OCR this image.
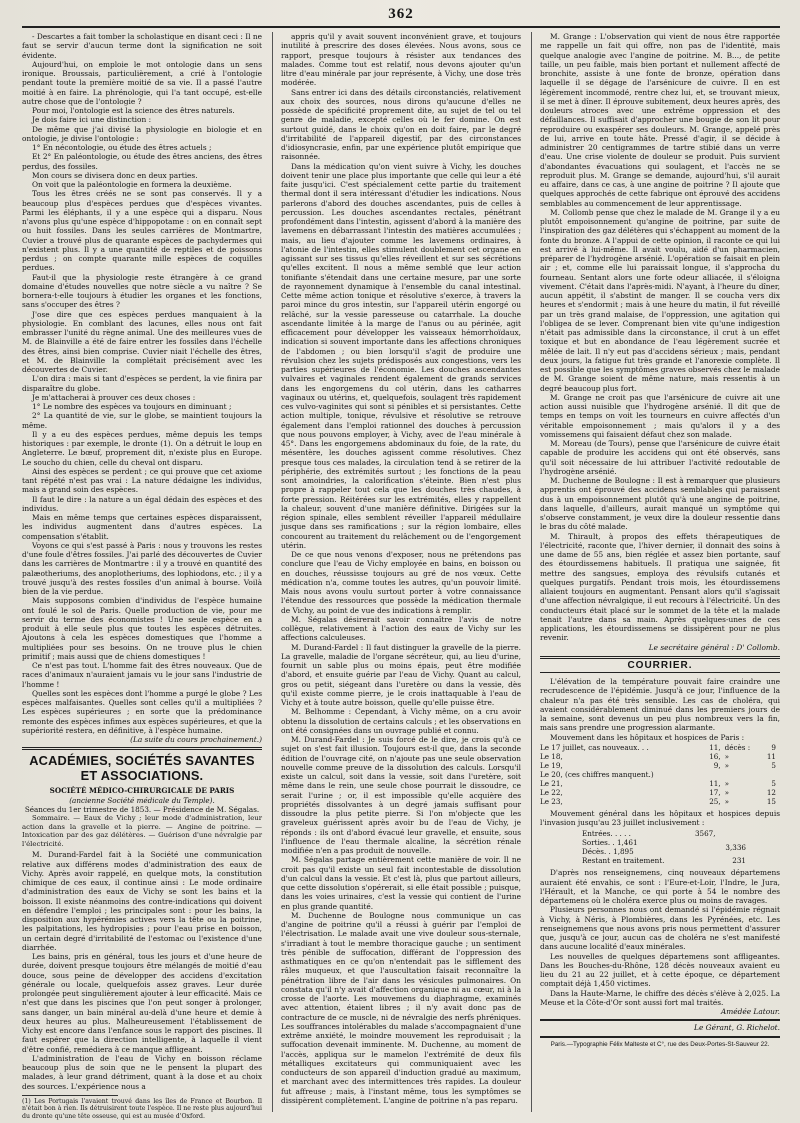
362

- Descartes a fait tomber la scholastique en disant ceci : Il ne faut se servir d'aucun terme dont la signification ne soit évidente.

Aujourd'hui, on emploie le mot ontologie dans un sens ironique. Broussais, particulièrement, a crié à l'ontologie pendant toute la première moitié de sa vie. Il a passé l'autre moitié à en faire. La phrénologie, qui l'a tant occupé, est-elle autre chose que de l'ontologie ?

Pour moi, l'ontologie est la science des êtres naturels.

Je dois faire ici une distinction :

De même que j'ai divisé la physiologie en biologie et en ontologie, je divise l'ontologie :

1° En nécontologie, ou étude des êtres actuels ;

Et 2° En paléontologie, ou étude des êtres anciens, des êtres perdus, des fossiles.

Mon cours se divisera donc en deux parties.

On voit que la paléontologie en formera la deuxième.

Tous les êtres créés ne se sont pas conservés. Il y a beaucoup plus d'espèces perdues que d'espèces vivantes. Parmi les éléphants, il y a une espèce qui a disparu. Nous n'avons plus qu'une espèce d'hippopotame : on en connaît sept ou huit fossiles. Dans les seules carrières de Montmartre, Cuvier a trouvé plus de quarante espèces de pachydermes qui n'existent plus. Il y a une quantité de reptiles et de poissons perdus ; on compte quarante mille espèces de coquilles perdues.

Faut-il que la physiologie reste étrangère à ce grand domaine d'études nouvelles que notre siècle a vu naître ? Se bornera-t-elle toujours à étudier les organes et les fonctions, sans s'occuper des êtres ?

J'ose dire que ces espèces perdues manquaient à la physiologie. En comblant des lacunes, elles nous ont fait embrasser l'unité du règne animal. Une des meilleures vues de M. de Blainville a été de faire entrer les fossiles dans l'échelle des êtres, ainsi bien comprise. Cuvier niait l'échelle des êtres, et M. de Blainville la complétait précisément avec les découvertes de Cuvier.

L'on dira : mais si tant d'espèces se perdent, la vie finira par disparaître du globe.

Je m'attacherai à prouver ces deux choses :

1° Le nombre des espèces va toujours en diminuant ;

2° La quantité de vie, sur le globe, se maintient toujours la même.

Il y a eu des espèces perdues, même depuis les temps historiques : par exemple, le dronte (1). On a détruit le loup en Angleterre. Le bœuf, proprement dit, n'existe plus en Europe. Le soucho du chien, celle du cheval ont disparu.

Ainsi des espèces se perdent ; ce qui prouve que cet axiome tant répété n'est pas vrai : La nature dédaigne les individus, mais a grand soin des espèces.

Il faut le dire : la nature a un égal dédain des espèces et des individus.

Mais en même temps que certaines espèces disparaissent, les individus augmentent dans d'autres espèces. La compensation s'établit.

Voyons ce qui s'est passé à Paris : nous y trouvons les restes d'une foule d'êtres fossiles. J'ai parlé des découvertes de Cuvier dans les carrières de Montmartre : il y a trouvé en quantité des palæotheriums, des anoplotheriums, des lophiodons, etc. ; il y a trouvé jusqu'à des restes fossiles d'un animal à bourse. Voilà bien de la vie perdue.

Mais supposons combien d'individus de l'espèce humaine ont foulé le sol de Paris. Quelle production de vie, pour me servir du terme des économistes ! Une seule espèce en a produit à elle seule plus que toutes les espèces détruites. Ajoutons à cela les espèces domestiques que l'homme a multipliées pour ses besoins. On ne trouve plus le chien primitif ; mais aussi que de chiens domestiques !

Ce n'est pas tout. L'homme fait des êtres nouveaux. Que de races d'animaux n'auraient jamais vu le jour sans l'industrie de l'homme !

Quelles sont les espèces dont l'homme a purgé le globe ? Les espèces malfaisantes. Quelles sont celles qu'il a multipliées ? Les espèces supérieures ; en sorte que la prédominance remonte des espèces infimes aux espèces supérieures, et que la supériorité restera, en définitive, à l'espèce humaine.

(La suite du cours prochainement.)

ACADÉMIES, SOCIÉTÉS SAVANTES ET ASSOCIATIONS.

SOCIÉTÉ MÉDICO-CHIRURGICALE DE PARIS

(ancienne Société médicale du Temple).

Séances du 1er trimestre de 1853. — Présidence de M. Ségalas.

Sommaire. — Eaux de Vichy ; leur mode d'administration, leur action dans la gravelle et la pierre. — Angine de poitrine. — Intoxication par des gaz délétères. — Guérison d'une névralgie par l'électricité.

M. Durand-Fardel fait à la Société une communication relative aux différens modes d'administration des eaux de Vichy. Après avoir rappelé, en quelque mots, la constitution chimique de ces eaux, il continue ainsi : Le mode ordinaire d'administration des eaux de Vichy se sont les bains et la boisson. Il existe néanmoins des contre-indications qui doivent en défendre l'emploi ; les principales sont : pour les bains, la disposition aux hypérémies actives vers la tête ou la poitrine, les palpitations, les hydropisies ; pour l'eau prise en boisson, un certain degré d'irritabilité de l'estomac ou l'existence d'une diarrhée.

Les bains, pris en général, tous les jours et d'une heure de durée, doivent presque toujours être mélangés de moitié d'eau douce, sous peine de développer des accidens d'excitation générale ou locale, quelquefois assez graves. Leur durée prolongée peut singulièrement ajouter à leur efficacité. Mais ce n'est que dans les piscines que l'on peut songer à prolonger, sans danger, un bain minéral au-delà d'une heure et demie à deux heures au plus. Malheureusement l'établissement de Vichy est encore dans l'enfance sous le rapport des piscines. Il faut espérer que la direction intelligente, à laquelle il vient d'être confié, remédiera à ce manque affligeant.

L'administration de l'eau de Vichy en boisson réclame beaucoup plus de soin que ne le pensent la plupart des malades, à leur grand détriment, quant à la dose et au choix des sources. L'expérience nous a

(1) Les Portugais l'avaient trouvé dans les îles de France et Bourbon. Il n'était bon à rien. Ils détruisirent toute l'espèce. Il ne reste plus aujourd'hui du dronte qu'une tête osseuse, qui est au musée d'Oxford.

appris qu'il y avait souvent inconvénient grave, et toujours inutilité à prescrire des doses élevées. Nous avons, sous ce rapport, presque toujours à résister aux tendances des malades. Comme tout est relatif, nous devons ajouter qu'un litre d'eau minérale par jour représente, à Vichy, une dose très modérée.

Sans entrer ici dans des détails circonstanciés, relativement aux choix des sources, nous dirons qu'aucune d'elles ne possède de spécificité proprement dite, au sujet de tel ou tel genre de maladie, excepté celles où le fer domine. On est surtout guidé, dans le choix qu'on en doit faire, par le degré d'irritabilité de l'appareil digestif, par des circonstances d'idiosyncrasie, enfin, par une expérience plutôt empirique que raisonnée.

Dans la médication qu'on vient suivre à Vichy, les douches doivent tenir une place plus importante que celle qui leur a été faite jusqu'ici. C'est spécialement cette partie du traitement thermal dont il sera intéressant d'étudier les indications. Nous parlerons d'abord des douches ascendantes, puis de celles à percussion. Les douches ascendantes rectales, pénétrant profondément dans l'intestin, agissent d'abord à la manière des lavemens en débarrassant l'intestin des matières accumulées ; mais, au lieu d'ajouter comme les lavemens ordinaires, à l'atonie de l'intestin, elles stimulent doublement cet organe en agissant sur ses tissus qu'elles réveillent et sur ses sécrétions qu'elles excitent. Il nous a même semblé que leur action tonifiante s'étendait dans une certaine mesure, par une sorte de rayonnement dynamique à l'ensemble du canal intestinal. Cette même action tonique et résolutive s'exerce, à travers la paroi mince du gros intestin, sur l'appareil utérin engorgé ou relâché, sur la vessie paresseuse ou catarrhale. La douche ascendante limitée à la marge de l'anus ou au périnée, agit efficacement pour développer les vaisseaux hémorrhoïdaux, indication si souvent importante dans les affections chroniques de l'abdomen ; ou bien lorsqu'il s'agit de produire une révulsion chez les sujets prédisposés aux congestions, vers les parties supérieures de l'économie. Les douches ascendantes vulvaires et vaginales rendent également de grands services dans les engorgemens du col utérin, dans les catharres vaginaux ou utérins, et, quelquefois, soulagent très rapidement ces vulvo-vaginites qui sont si pénibles et si persistantes. Cette action multiple, tonique, révulsive et résolutive se retrouve également dans l'emploi rationnel des douches à percussion que nous pouvons employer, à Vichy, avec de l'eau minérale à 45°. Dans les engorgemens abdominaux du foie, de la rate, du mésentère, les douches agissent comme résolutives. Chez presque tous ces malades, la circulation tend à se retirer de la périphérie, des extrémités surtout ; les fonctions de la peau sont amoindries, la calorification s'éteinte. Bien n'est plus propre à rappeler tout cela que les douches très chaudes, à forte pression. Réitérées sur les extrémités, elles y rappellent la chaleur, souvent d'une manière définitive. Dirigées sur la région spinale, elles semblent réveiller l'appareil médullaire jusque dans ses ramifications ; sur la région lombaire, elles concourent au traitement du relâchement ou de l'engorgement utérin.

De ce que nous venons d'exposer, nous ne prétendons pas conclure que l'eau de Vichy employée en bains, en boisson ou en douches, réussisse toujours au gré de nos vœux. Cette médication n'a, comme toutes les autres, qu'un pouvoir limité. Mais nous avons voulu surtout porter à votre connaissance l'étendue des ressources que possède la médication thermale de Vichy, au point de vue des indications à remplir.

M. Ségalas désirerait savoir connaître l'avis de notre collègue, relativement à l'action des eaux de Vichy sur les affections calculeuses.

M. Durand-Fardel : Il faut distinguer la gravelle de la pierre. La gravelle, maladie de l'organe sécréteur, qui, au lieu d'urine, fournit un sable plus ou moins épais, peut être modifiée d'abord, et ensuite guérie par l'eau de Vichy. Quant au calcul, gros ou petit, siégeant dans l'uretère ou dans la vessie, dès qu'il existe comme pierre, je le crois inattaquable à l'eau de Vichy et à toute autre boisson, quelle qu'elle puisse être.

M. Belhomme : Cependant, à Vichy même, on a cru avoir obtenu la dissolution de certains calculs ; et les observations en ont été consignées dans un ouvrage publié et connu.

M. Durand-Fardel : Je suis forcé de le dire, je crois qu'à ce sujet on s'est fait illusion. Toujours est-il que, dans la seconde édition de l'ouvrage cité, on n'ajoute pas une seule observation nouvelle comme preuve de la dissolution des calculs. Lorsqu'il existe un calcul, soit dans la vessie, soit dans l'uretère, soit même dans le rein, une seule chose pourrait le dissoudre, ce serait l'urine ; or, il est impossible qu'elle acquière des propriétés dissolvantes à un degré jamais suffisant pour dissoudre la plus petite pierre. Si l'on m'objecte que les graveleux guérissent après avoir bu de l'eau de Vichy, je réponds : ils ont d'abord évacué leur gravelle, et ensuite, sous l'influence de l'eau thermale alcaline, la sécrétion rénale modifiée n'en a pas produit de nouvelle.

M. Ségalas partage entièrement cette manière de voir. Il ne croit pas qu'il existe un seul fait incontestable de dissolution d'un calcul dans la vessie. Et c'est là, plus que partout ailleurs, que cette dissolution s'opérerait, si elle était possible ; puisque, dans les voies urinaires, c'est la vessie qui contient de l'urine en plus grande quantité.

M. Duchenne de Boulogne nous communique un cas d'angine de poitrine qu'il a réussi à guérir par l'emploi de l'électrisation. Le malade avait une vive douleur sous-sternale, s'irradiant à tout le membre thoracique gauche ; un sentiment très pénible de suffocation, différant de l'oppression des asthmatiques en ce qu'on n'entendait pas le sifflement des râles muqueux, et que l'auscultation faisait reconnaître la pénétration libre de l'air dans les vésicules pulmonaires. On constata qu'il n'y avait d'affection organique ni au cœur, ni à la crosse de l'aorte. Les mouvemens du diaphragme, examinés avec attention, étaient libres ; il n'y avait donc pas de contracture de ce muscle, ni de névralgie des nerfs phréniques. Les souffrances intolérables du malade s'accompagnaient d'une extrême anxiété, le moindre mouvement les reproduisait ; la suffocation devenait imminente. M. Duchenne, au moment de l'accès, appliqua sur le mamelon l'extrémité de deux fils métalliques excitateurs qui communiquaient avec les conducteurs de son appareil d'induction gradué au maximum, et marchant avec des intermittences très rapides. La douleur fut affreuse ; mais, à l'instant même, tous les symptômes se dissipèrent complètement. L'angine de poitrine n'a pas reparu.

M. Grange : L'observation qui vient de nous être rapportée me rappelle un fait qui offre, non pas de l'identité, mais quelque analogie avec l'angine de poitrine. M. B..., de petite taille, un peu faible, mais bien portant et nullement affecté de bronchite, assiste à une fonte de bronze, opération dans laquelle il se dégage de l'arsénicure de cuivre. Il en est légèrement incommodé, rentre chez lui, et, se trouvant mieux, il se met à dîner. Il éprouve subitement, deux heures après, des douleurs atroces avec une extrême oppression et des défaillances. Il suffisait d'approcher une bougie de son lit pour reproduire ou exaspérer ses douleurs. M. Grange, appelé près de lui, arrive en toute hâte. Pressé d'agir, il se décide à administrer 20 centigrammes de tartre stibié dans un verre d'eau. Une crise violente de douleur se produit. Puis survient d'abondantes évacuations qui soulagent, et l'accès ne se reproduit plus. M. Grange se demande, aujourd'hui, s'il aurait eu affaire, dans ce cas, à une angine de poitrine ? Il ajoute que quelques approchés de cette fabrique ont éprouvé des accidens semblables au commencement de leur apprentissage.

M. Collomb pense que chez le malade de M. Grange il y a eu plutôt empoisonnement qu'angine de poitrine, par suite de l'inspiration des gaz délétères qui s'échappent au moment de la fonte du bronze. A l'appui de cette opinion, il raconte ce qui lui est arrivé à lui-même. Il avait voulu, aidé d'un pharmacien, préparer de l'hydrogène arsénié. L'opération se faisait en plein air ; et, comme elle lui paraissait longue, il s'approcha du fourneau. Sentant alors une forte odeur alliacée, il s'éloigna vivement. C'était dans l'après-midi. N'ayant, à l'heure du dîner, aucun appétit, il s'abstint de manger. Il se coucha vers dix heures et s'endormit ; mais à une heure du matin, il fut réveillé par un très grand malaise, de l'oppression, une agitation qui l'obligea de se lever. Comprenant bien vite qu'une indigestion n'était pas admissible dans la circonstance, il crut à un effet toxique et but en abondance de l'eau légèrement sucrée et mêlée de lait. Il n'y eut pas d'accidens sérieux ; mais, pendant deux jours, la fatigue fut très grande et l'anorexie complète. Il est possible que les symptômes graves observés chez le malade de M. Grange soient de même nature, mais ressentis à un degré beaucoup plus fort.

M. Grange ne croit pas que l'arsénicure de cuivre ait une action aussi nuisible que l'hydrogène arsénié. Il dit que de temps en temps on voit les tourneurs en cuivre affectés d'un véritable empoisonnement ; mais qu'alors il y a des vomissemens qui faisaient défaut chez son malade.

M. Moreau (de Tours), pense que l'arsénicure de cuivre était capable de produire les accidens qui ont été observés, sans qu'il soit nécessaire de lui attribuer l'activité redoutable de l'hydrogène arsénié.

M. Duchenne de Boulogne : Il est à remarquer que plusieurs apprentis ont éprouvé des accidens semblables qui paraissent dus à un empoisonnement plutôt qu'à une angine de poitrine, dans laquelle, d'ailleurs, aurait manqué un symptôme qui s'observe constamment, je veux dire la douleur ressentie dans le bras du côté malade.

M. Thirault, à propos des effets thérapeutiques de l'électricité, raconte que, l'hiver dernier, il donnait des soins à une dame de 55 ans, bien réglée et assez bien portante, sauf des étourdissemens habituels. Il pratiqua une saignée, fit mettre des sangsues, employa des révulsifs cutanés et quelques purgatifs. Pendant trois mois, les étourdissemens allaient toujours en augmentant. Pensant alors qu'il s'agissait d'une affection névralgique, il eut recours à l'électricité. Un des conducteurs était placé sur le sommet de la tête et la malade tenait l'autre dans sa main. Après quelques-unes de ces applications, les étourdissemens se dissipèrent pour ne plus revenir.

Le secrétaire général : D' Collomb.

COURRIER.

L'élévation de la température pouvait faire craindre une recrudescence de l'épidémie. Jusqu'à ce jour, l'influence de la chaleur n'a pas été très sensible. Les cas de choléra, qui avaient considérablement diminué dans les premiers jours de la semaine, sont devenus un peu plus nombreux vers la fin, mais sans prendre une progression alarmante.

Mouvement dans les hôpitaux et hospices de Paris :

Le 17 juillet, cas nouveaux. . .	11,	décès :	9
Le 18,	16,	»	11
Le 19,	9,	»	5
Le 20, (ces chiffres manquent.)			
Le 21,	11,	»	5
Le 22,	17,	»	12
Le 23,	25,	»	15

Mouvement général dans les hôpitaux et hospices depuis l'invasion jusqu'au 23 juillet inclusivement :

Entrées. . . . .	3567,	
Sorties. . 1,461		3,336
Décès. . 1,895		
Restant en traitement.		231

D'après nos renseignemens, cinq nouveaux départemens auraient été envahis, ce sont : l'Eure-et-Loir, l'Indre, le Jura, l'Hérault, et la Manche, ce qui porte à 54 le nombre des départemens où le choléra exerce plus ou moins de ravages.

Plusieurs personnes nous ont demandé si l'épidémie régnait à Vichy, à Néris, à Plombières, dans les Pyrénées, etc. Les renseignemens que nous avons pris nous permettent d'assurer que, jusqu'à ce jour, aucun cas de choléra ne s'est manifesté dans aucune localité d'eaux minérales.

Les nouvelles de quelques départemens sont affligeantes. Dans les Bouches-du-Rhône, 128 décès nouveaux avaient eu lieu du 21 au 22 juillet, et à cette époque, ce département comptait déjà 1,450 victimes.

Dans la Haute-Marne, le chiffre des décès s'élève à 2,025. La Meuse et la Côte-d'Or sont aussi fort mal traités.

Amédée Latour.

Le Gérant, G. Richelot.

Paris.—Typographie Félix Malteste et C°, rue des Deux-Portes-St-Sauveur 22.
